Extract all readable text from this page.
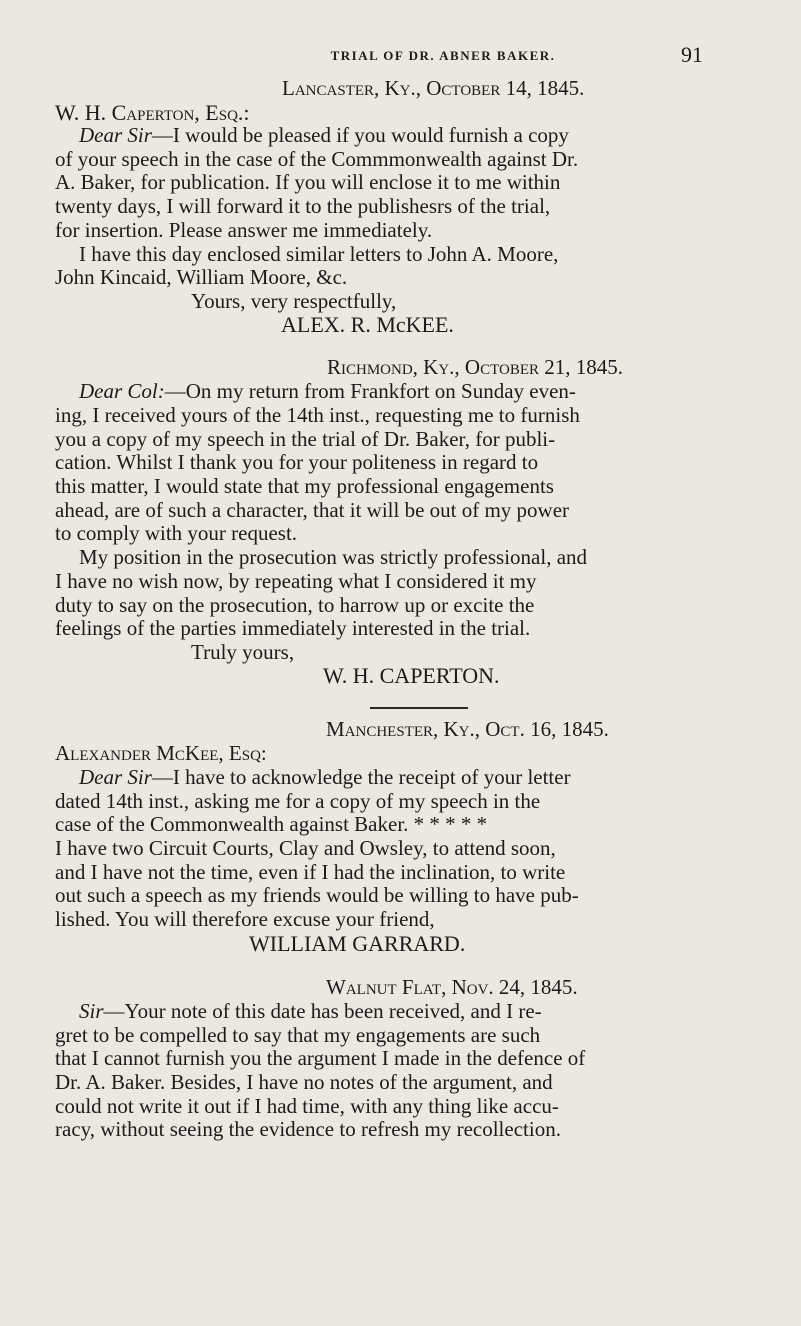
TRIAL OF DR. ABNER BAKER.	91
Lancaster, Ky., October 14, 1845.
W. H. Caperton, Esq.:
Dear Sir—I would be pleased if you would furnish a copy
of your speech in the case of the Commmonwealth against Dr.
A. Baker, for publication. If you will enclose it to me within
twenty days, I will forward it to the publishesrs of the trial,
for insertion. Please answer me immediately.
I have this day enclosed similar letters to John A. Moore,
John Kincaid, William Moore, &c.
Yours, very respectfully,
ALEX. R. McKEE.
Richmond, Ky., October 21, 1845.
Dear Col:—On my return from Frankfort on Sunday even-
ing, I received yours of the 14th inst., requesting me to furnish
you a copy of my speech in the trial of Dr. Baker, for publi-
cation. Whilst I thank you for your politeness in regard to
this matter, I would state that my professional engagements
ahead, are of such a character, that it will be out of my power
to comply with your request.
My position in the prosecution was strictly professional, and
I have no wish now, by repeating what I considered it my
duty to say on the prosecution, to harrow up or excite the
feelings of the parties immediately interested in the trial.
Truly yours,
W. H. CAPERTON.
Manchester, Ky., Oct. 16, 1845.
Alexander McKee, Esq:
Dear Sir—I have to acknowledge the receipt of your letter
dated 14th inst., asking me for a copy of my speech in the
case of the Commonwealth against Baker. * * * * *
I have two Circuit Courts, Clay and Owsley, to attend soon,
and I have not the time, even if I had the inclination, to write
out such a speech as my friends would be willing to have pub-
lished. You will therefore excuse your friend,
WILLIAM GARRARD.
Walnut Flat, Nov. 24, 1845.
Sir—Your note of this date has been received, and I re-
gret to be compelled to say that my engagements are such
that I cannot furnish you the argument I made in the defence of
Dr. A. Baker. Besides, I have no notes of the argument, and
could not write it out if I had time, with any thing like accu-
racy, without seeing the evidence to refresh my recollection.
